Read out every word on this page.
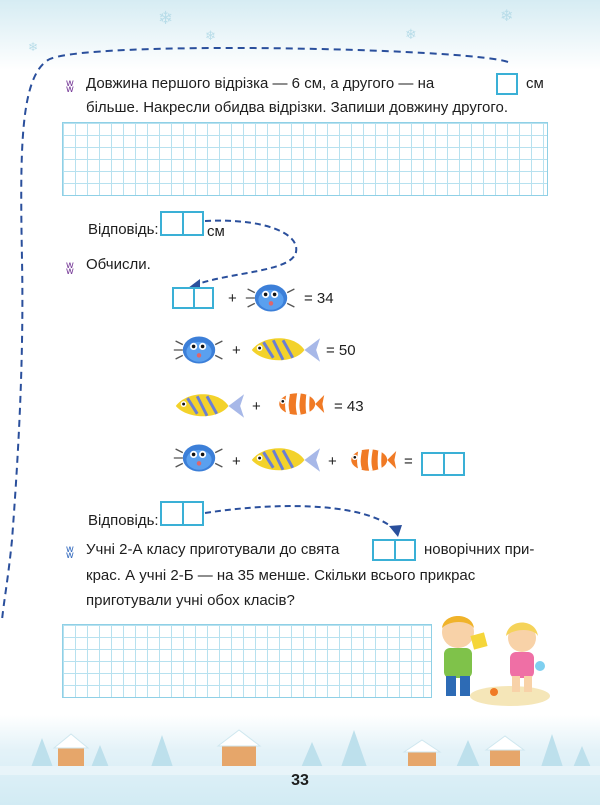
❄
❄	❄
❄
❄
ʬ Довжина першого відрізка — 6 см, а другого — на	см
більше. Накресли обидва відрізки. Запиши довжину другого.
Відповідь:	см
ʬ Обчисли.
+	= 34
+	= 50
+	= 43
+	+	=
Відповідь:
ʬ Учні 2-А класу приготували до свята	новорічних при-
крас. А учні 2-Б — на 35 менше. Скільки всього прикрас
приготували учні обох класів?
33
